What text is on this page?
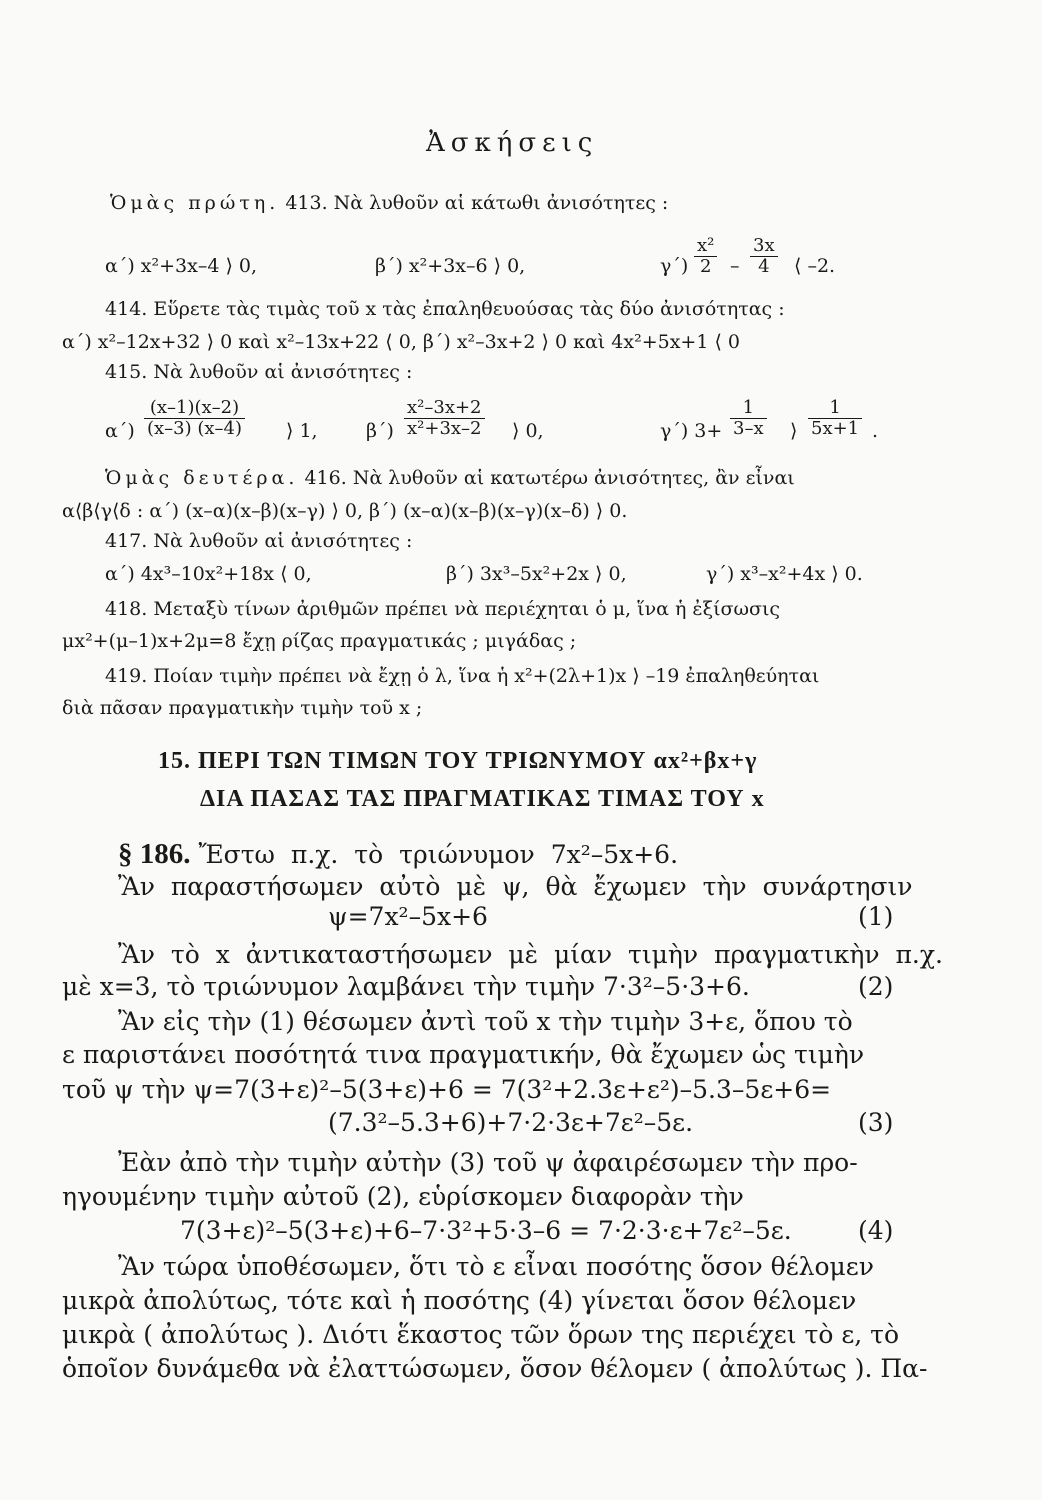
Ἀσκήσεις
Ὁμὰς πρώτη. 413. Νὰ λυθοῦν αἱ κάτωθι ἀνισότητες :
α΄) x²+3x–4 ⟩ 0,	β΄) x²+3x–6 ⟩ 0,	$\gamma΄) \frac{\text{x²}}{2} - \frac{3x}{4}$ ⟨ –2.
414. Εὕρετε τὰς τιμὰς τοῦ x τὰς ἐπαληθευούσας τὰς δύο ἀνισότητας :
α΄) x²–12x+32 ⟩ 0 καὶ x²–13x+22 ⟨ 0, β΄) x²–3x+2 ⟩ 0 καὶ 4x²+5x+1 ⟨ 0
415. Νὰ λυθοῦν αἱ ἀνισότητες :
$\alpha΄) \frac{(x-1)(x-2)}{(x-3) (x-4)}$ ⟩ 1,	$\beta΄) \frac{\text{x²–3x+2}}{\text{x²+3x–2}}$ ⟩ 0,	γ΄) $3+ \frac{1}{3-x}$ ⟩ $\frac{1}{5x+1}$ .
Ὁμὰς δευτέρα. 416. Νὰ λυθοῦν αἱ κατωτέρω ἀνισότητες, ἂν εἶναι
α⟨β⟨γ⟨δ : α΄) (x–α)(x–β)(x–γ) ⟩ 0, β΄) (x–α)(x–β)(x–γ)(x–δ) ⟩ 0.
417. Νὰ λυθοῦν αἱ ἀνισότητες :
α΄) 4x³–10x²+18x ⟨ 0,	β΄) 3x³–5x²+2x ⟩ 0,	γ΄) x³–x²+4x ⟩ 0.
418. Μεταξὺ τίνων ἀριθμῶν πρέπει νὰ περιέχηται ὁ μ, ἵνα ἡ ἐξίσωσις
μx²+(μ–1)x+2μ=8 ἔχῃ ρίζας πραγματικάς ; μιγάδας ;
419. Ποίαν τιμὴν πρέπει νὰ ἔχῃ ὁ λ, ἵνα ἡ x²+(2λ+1)x ⟩ –19 ἐπαληθεύηται
διὰ πᾶσαν πραγματικὴν τιμὴν τοῦ x ;
15. ΠΕΡΙ ΤΩΝ ΤΙΜΩΝ ΤΟΥ ΤΡΙΩΝΥΜΟΥ αx²+βx+γ
ΔΙΑ ΠΑΣΑΣ ΤΑΣ ΠΡΑΓΜΑΤΙΚΑΣ ΤΙΜΑΣ ΤΟΥ x
§ 186. Ἔστω π.χ. τὸ τριώνυμον 7x²–5x+6.
Ἂν παραστήσωμεν αὐτὸ μὲ ψ, θὰ ἔχωμεν τὴν συνάρτησιν
ψ=7x²–5x+6	(1)
Ἂν τὸ x ἀντικαταστήσωμεν μὲ μίαν τιμὴν πραγματικὴν π.χ.
μὲ x=3, τὸ τριώνυμον λαμβάνει τὴν τιμὴν 7·3²–5·3+6.	(2)
Ἂν εἰς τὴν (1) θέσωμεν ἀντὶ τοῦ x τὴν τιμὴν 3+ε, ὅπου τὸ
ε παριστάνει ποσότητά τινα πραγματικήν, θὰ ἔχωμεν ὡς τιμὴν
τοῦ ψ τὴν ψ=7(3+ε)²–5(3+ε)+6 = 7(3²+2.3ε+ε²)–5.3–5ε+6=
(7.3²–5.3+6)+7·2·3ε+7ε²–5ε.	(3)
Ἐὰν ἀπὸ τὴν τιμὴν αὐτὴν (3) τοῦ ψ ἀφαιρέσωμεν τὴν προ-
ηγουμένην τιμὴν αὐτοῦ (2), εὑρίσκομεν διαφορὰν τὴν
7(3+ε)²–5(3+ε)+6–7·3²+5·3–6 = 7·2·3·ε+7ε²–5ε.	(4)
Ἂν τώρα ὑποθέσωμεν, ὅτι τὸ ε εἶναι ποσότης ὅσον θέλομεν
μικρὰ ἀπολύτως, τότε καὶ ἡ ποσότης (4) γίνεται ὅσον θέλομεν
μικρὰ ( ἀπολύτως ). Διότι ἕκαστος τῶν ὅρων της περιέχει τὸ ε, τὸ
ὁποῖον δυνάμεθα νὰ ἐλαττώσωμεν, ὅσον θέλομεν ( ἀπολύτως ). Πα-
